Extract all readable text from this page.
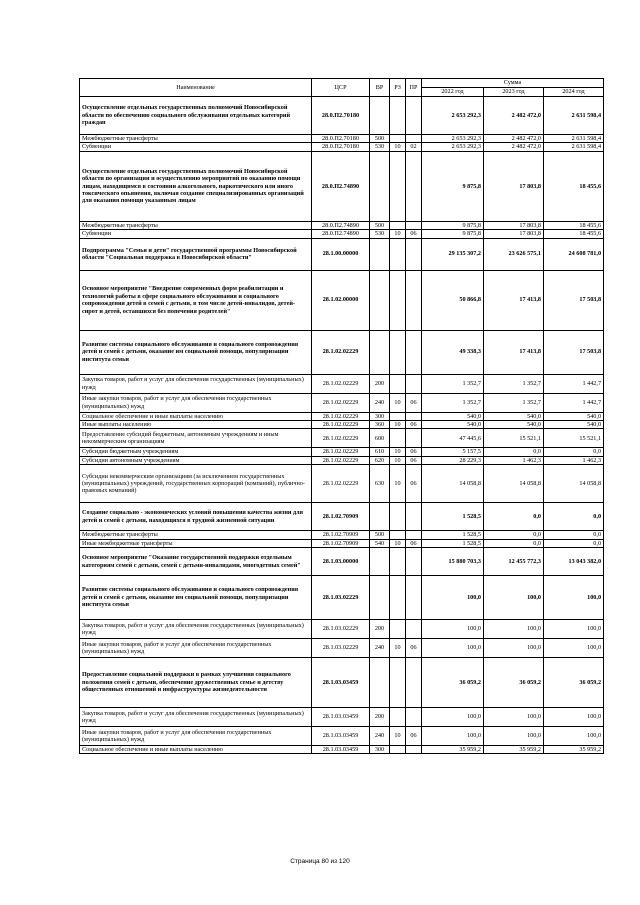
Наименование	ЦСР	ВР	РЗ	ПР	Сумма		
					2022 год	2023 год	2024 год
Осуществление отдельных государственных полномочий Новосибирской области по обеспечению социального обслуживания отдельных категорий граждан	28.0.П2.70180				2 653 292,3	2 482 472,0	2 631 598,4
Межбюджетные трансферты	28.0.П2.70180	500			2 653 292,3	2 482 472,0	2 631 598,4
Субвенции	28.0.П2.70180	530	10	02	2 653 292,3	2 482 472,0	2 631 598,4
Осуществление отдельных государственных полномочий Новосибирской области по организации и осуществлению мероприятий по оказанию помощи лицам, находящимся в состоянии алкогольного, наркотического или иного токсического опьянения, включая создание специализированных организаций для оказания помощи указанным лицам	28.0.П2.74890				9 875,8	17 803,8	18 455,6
Межбюджетные трансферты	28.0.П2.74890	500			9 875,8	17 803,8	18 455,6
Субвенции	28.0.П2.74890	530	10	06	9 875,8	17 803,8	18 455,6
Подпрограмма "Семья и дети" государственной программы Новосибирской области "Социальная поддержка в Новосибирской области"	28.1.00.00000				29 135 307,2	23 626 575,1	24 608 781,0
Основное мероприятие "Внедрение современных форм реабилитации и технологий работы в сфере социального обслуживания и социального сопровождения детей в семей с детьми, в том числе детей-инвалидов, детей-сирот и детей, оставшихся без попечения родителей"	28.1.02.00000				50 866,8	17 413,8	17 503,8
Развитие системы социального обслуживания и социального сопровождения детей и семей с детьми, оказание им социальной помощи, популяризации института семьи	28.1.02.02229				49 338,3	17 413,8	17 503,8
Закупка товаров, работ и услуг для обеспечения государственных (муниципальных) нужд	28.1.02.02229	200			1 352,7	1 352,7	1 442,7
Иные закупки товаров, работ и услуг для обеспечения государственных (муниципальных) нужд	28.1.02.02229	240	10	06	1 352,7	1 352,7	1 442,7
Социальное обеспечение и иные выплаты населению	28.1.02.02229	300			540,0	540,0	540,0
Иные выплаты населению	28.1.02.02229	360	10	06	540,0	540,0	540,0
Предоставление субсидий бюджетным, автономным учреждениям и иным некоммерческим организациям	28.1.02.02229	600			47 445,6	15 521,1	15 521,1
Субсидии бюджетным учреждениям	28.1.02.02229	610	10	06	5 157,5	0,0	0,0
Субсидии автономным учреждениям	28.1.02.02229	620	10	06	28 229,3	1 462,3	1 462,3
Субсидии некоммерческим организациям (за исключением государственных (муниципальных) учреждений, государственных корпораций (компаний), публично-правовых компаний)	28.1.02.02229	630	10	06	14 058,8	14 058,8	14 058,8
Создание социально - экономических условий повышения качества жизни для детей и семей с детьми, находящихся в трудной жизненной ситуации	28.1.02.70909				1 528,5	0,0	0,0
Межбюджетные трансферты	28.1.02.70909	500			1 528,5	0,0	0,0
Иные межбюджетные трансферты	28.1.02.70909	540	10	06	1 528,5	0,0	0,0
Основное мероприятие "Оказание государственной поддержки отдельным категориям семей с детьми, семей с детьми-инвалидами, многодетных семей"	28.1.03.00000				15 880 703,3	12 455 772,3	13 043 382,0
Развитие системы социального обслуживания и социального сопровождения детей и семей с детьми, оказание им социальной помощи, популяризации института семьи	28.1.03.02229				100,0	100,0	100,0
Закупка товаров, работ и услуг для обеспечения государственных (муниципальных) нужд	28.1.03.02229	200			100,0	100,0	100,0
Иные закупки товаров, работ и услуг для обеспечения государственных (муниципальных) нужд	28.1.03.02229	240	10	06	100,0	100,0	100,0
Предоставление социальной поддержки в рамках улучшения социального положения семей с детьми, обеспечение дружественных семье и детству общественных отношений и инфраструктуры жизнедеятельности	28.1.03.03459				36 059,2	36 059,2	36 059,2
Закупка товаров, работ и услуг для обеспечения государственных (муниципальных) нужд	28.1.03.03459	200			100,0	100,0	100,0
Иные закупки товаров, работ и услуг для обеспечения государственных (муниципальных) нужд	28.1.03.03459	240	10	06	100,0	100,0	100,0
Социальное обеспечение и иные выплаты населению	28.1.03.03459	300			35 959,2	35 959,2	35 959,2
Страница 80 из 120
